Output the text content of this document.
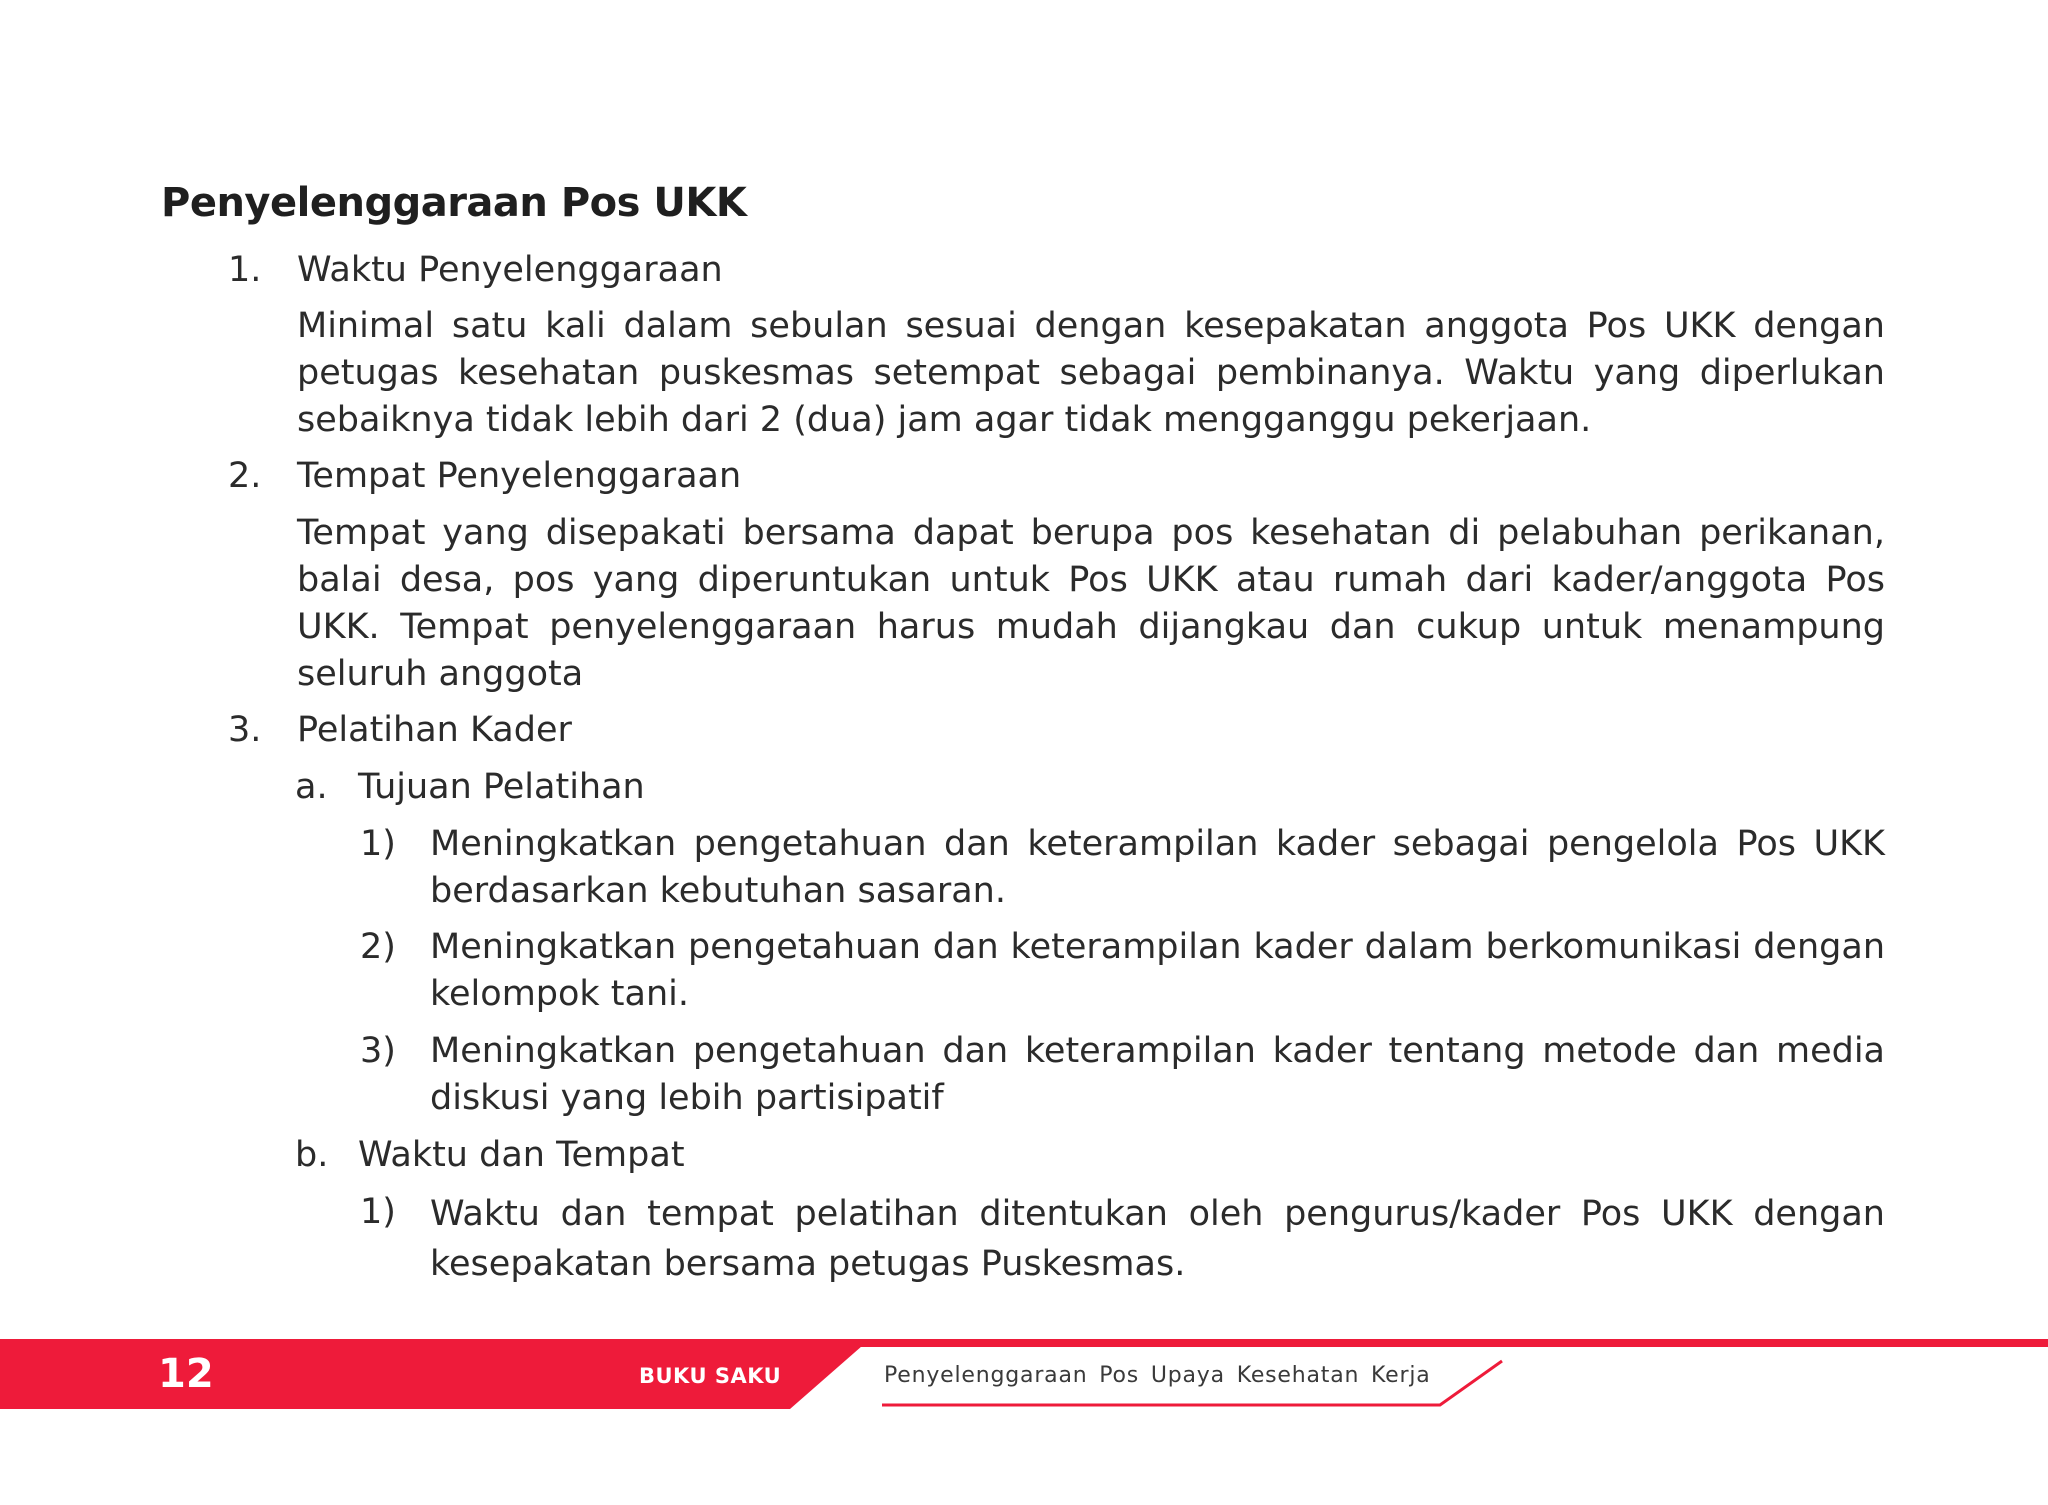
Penyelenggaraan Pos UKK
1. Waktu Penyelenggaraan

Minimal satu kali dalam sebulan sesuai dengan kesepakatan anggota Pos UKK dengan petugas kesehatan puskesmas setempat sebagai pembinanya. Waktu yang diperlukan sebaiknya tidak lebih dari 2 (dua) jam agar tidak mengganggu pekerjaan.

2. Tempat Penyelenggaraan

Tempat yang disepakati bersama dapat berupa pos kesehatan di pelabuhan perikanan, balai desa, pos yang diperuntukan untuk Pos UKK atau rumah dari kader/anggota Pos UKK. Tempat penyelenggaraan harus mudah dijangkau dan cukup untuk menampung seluruh anggota

3. Pelatihan Kader
a. Tujuan Pelatihan
1) Meningkatkan pengetahuan dan keterampilan kader sebagai pengelola Pos UKK berdasarkan kebutuhan sasaran.

2) Meningkatkan pengetahuan dan keterampilan kader dalam berkomunikasi dengan kelompok tani.

3) Meningkatkan pengetahuan dan keterampilan kader tentang metode dan media diskusi yang lebih partisipatif

b. Waktu dan Tempat
1) Waktu dan tempat pelatihan ditentukan oleh pengurus/kader Pos UKK dengan kesepakatan bersama petugas Puskesmas.

12	BUKU SAKU	Penyelenggaraan Pos Upaya Kesehatan Kerja
